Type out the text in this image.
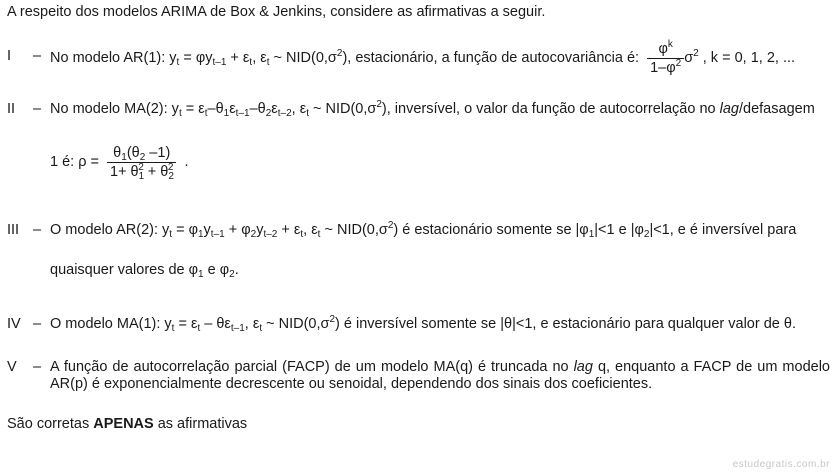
A respeito dos modelos ARIMA de Box & Jenkins, considere as afirmativas a seguir.
I – No modelo AR(1): $y_t = \varphi y_{t-1} + \varepsilon_t$, $\varepsilon_t$ ~ $NID(0,\sigma^2)$, estacionário, a função de autocovariância é: $\frac{\varphi^k}{1-\varphi^2} \sigma^2$ , k = 0, 1, 2, ...
II – No modelo MA(2): $y_t = \varepsilon_t-\theta_1\varepsilon_{t-1}-\theta_2\varepsilon_{t-2}$, $\varepsilon_t$ ~ $NID(0,\sigma^2)$, inversível, o valor da função de autocorrelação no lag/defasagem
1 é: $\rho = \frac{\theta_1(\theta_2 -1)}{1+ \theta_1^2 + \theta_2^2}$ .
III – O modelo AR(2): $y_t = \varphi_1y_{t-1} + \varphi_2y_{t-2} + \varepsilon_t$, $\varepsilon_t$ ~ $NID(0,\sigma^2)$ é estacionário somente se $|\varphi_1|<1$ e $|\varphi_2|<1$, e é inversível para
quaisquer valores de $\varphi_1$ e $\varphi_2$.
IV – O modelo MA(1): $y_t = \varepsilon_t - \theta\varepsilon_{t-1}$, $\varepsilon_t$ ~ $NID(0,\sigma^2)$ é inversível somente se |θ|<1, e estacionário para qualquer valor de θ.
V – A função de autocorrelação parcial (FACP) de um modelo MA(q) é truncada no lag q, enquanto a FACP de um modelo AR(p) é exponencialmente decrescente ou senoidal, dependendo dos sinais dos coeficientes.
São corretas APENAS as afirmativas
estudegratis.com.br
